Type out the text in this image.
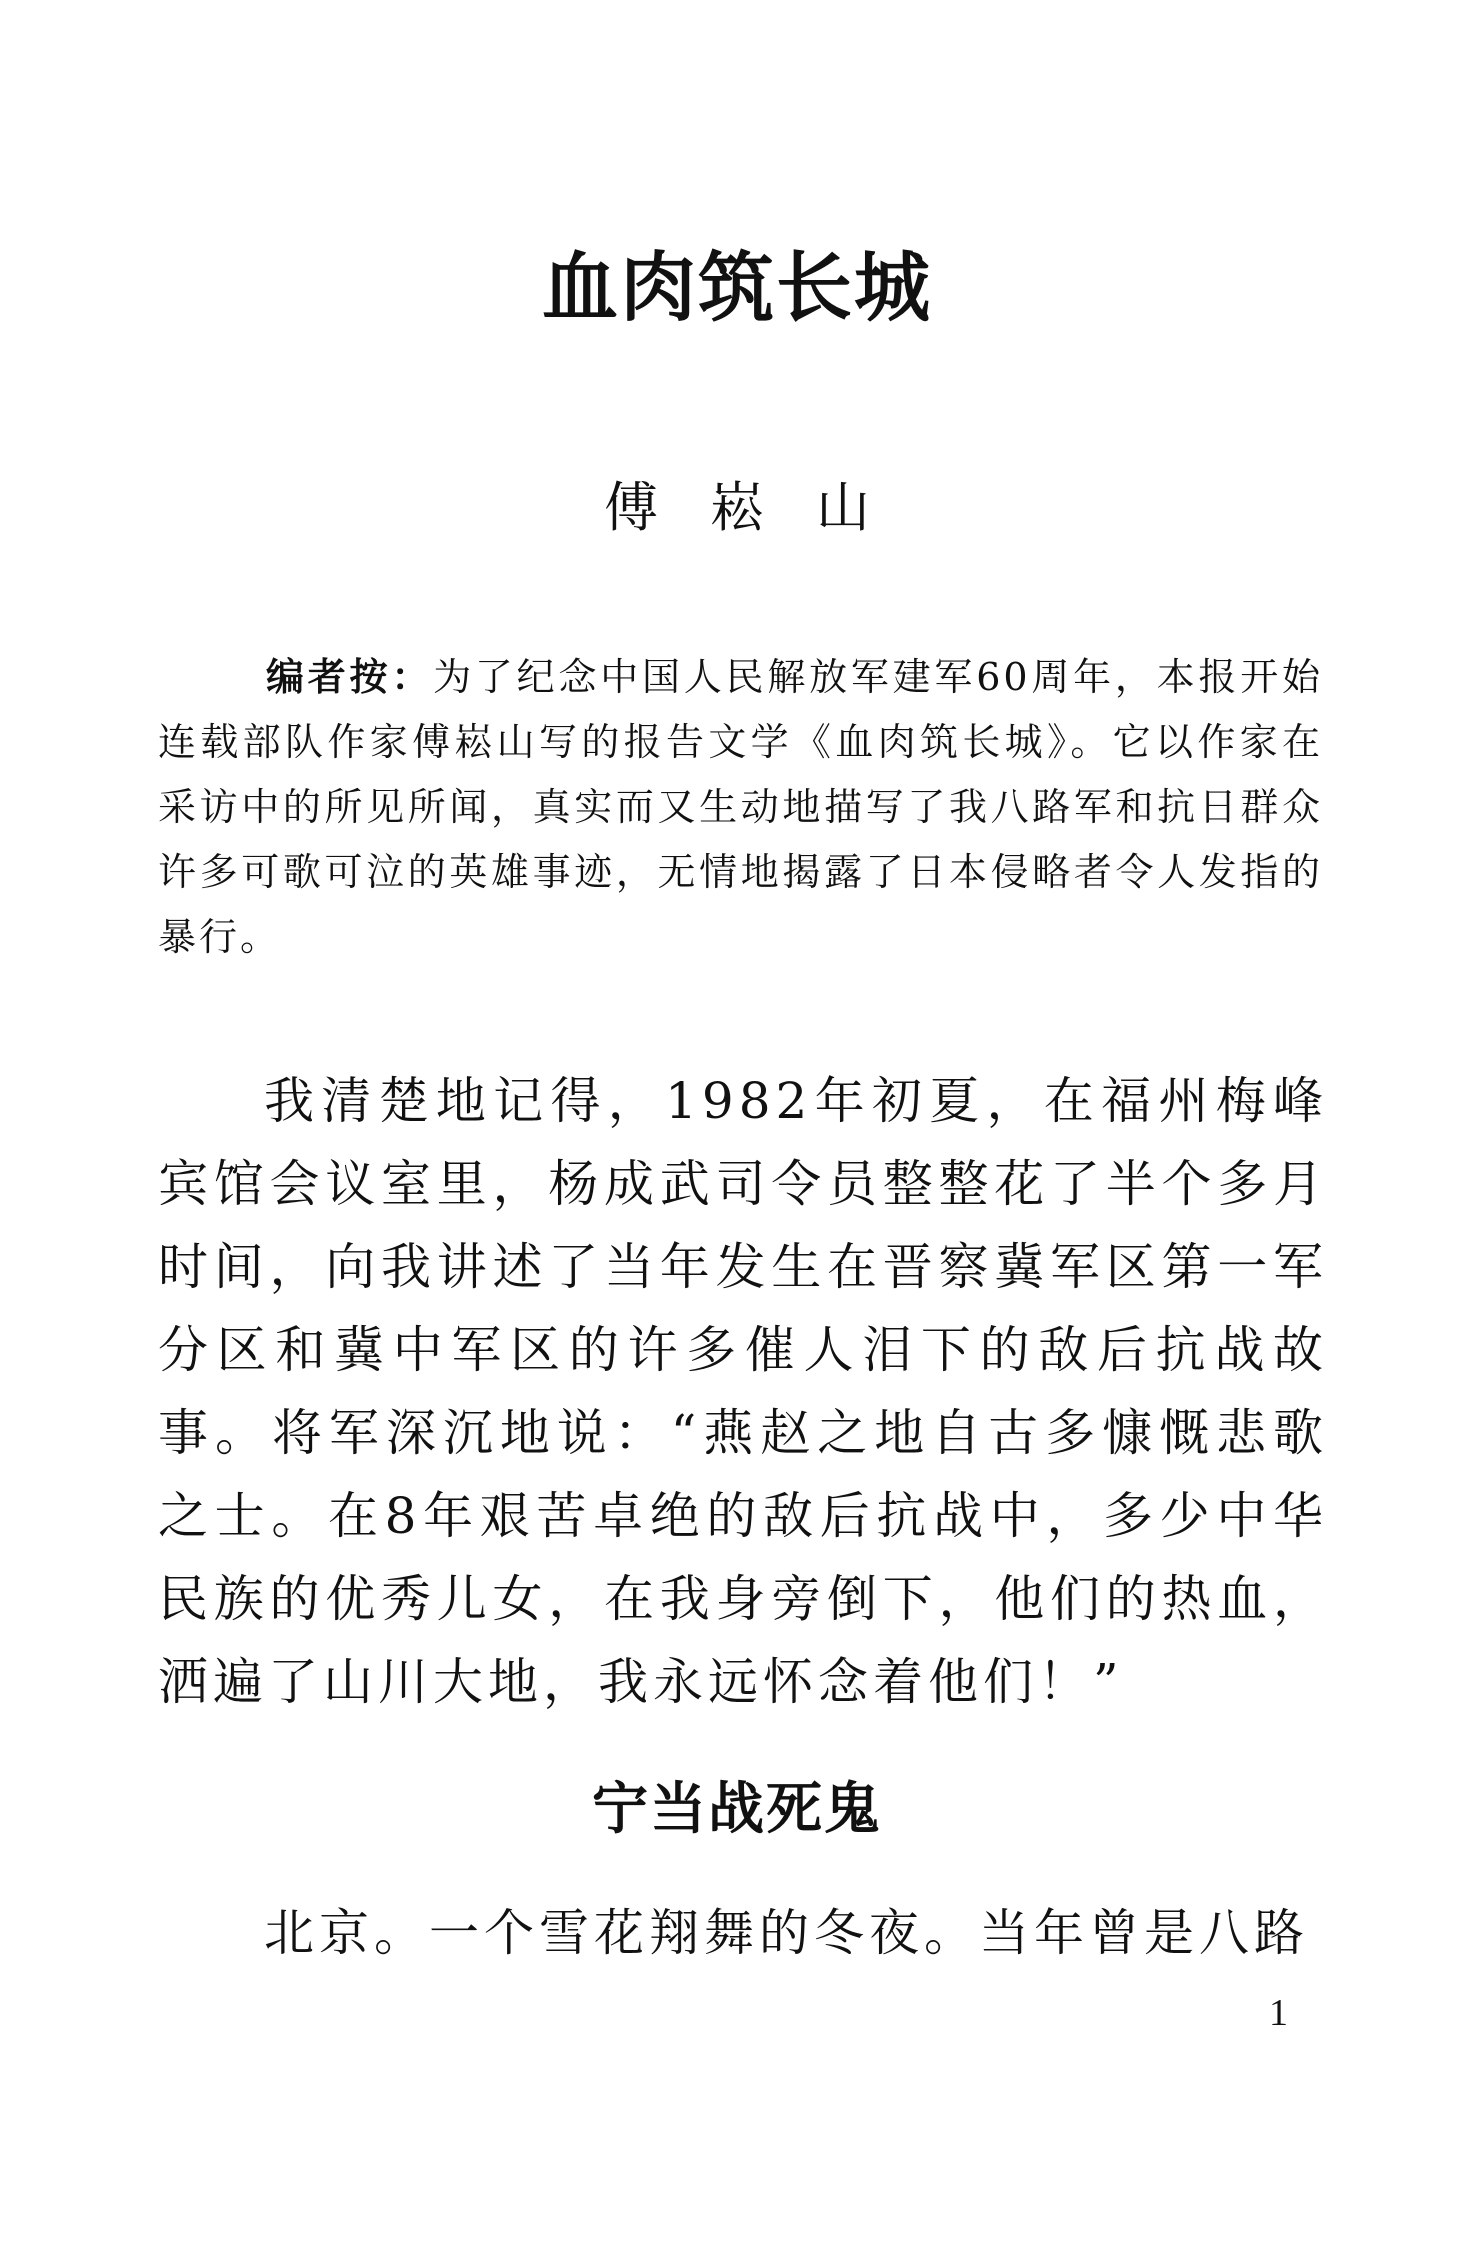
血肉筑长城
傅崧山

编者按：为了纪念中国人民解放军建军60周年，本报开始连载部队作家傅崧山写的报告文学《血肉筑长城》。它以作家在采访中的所见所闻，真实而又生动地描写了我八路军和抗日群众许多可歌可泣的英雄事迹，无情地揭露了日本侵略者令人发指的暴行。

我清楚地记得，1982年初夏，在福州梅峰宾馆会议室里，杨成武司令员整整花了半个多月时间，向我讲述了当年发生在晋察冀军区第一军分区和冀中军区的许多催人泪下的敌后抗战故事。将军深沉地说：“燕赵之地自古多慷慨悲歌之士。在8年艰苦卓绝的敌后抗战中，多少中华民族的优秀儿女，在我身旁倒下，他们的热血，洒遍了山川大地，我永远怀念着他们！”

宁当战死鬼

北京。一个雪花翔舞的冬夜。当年曾是八路

1
